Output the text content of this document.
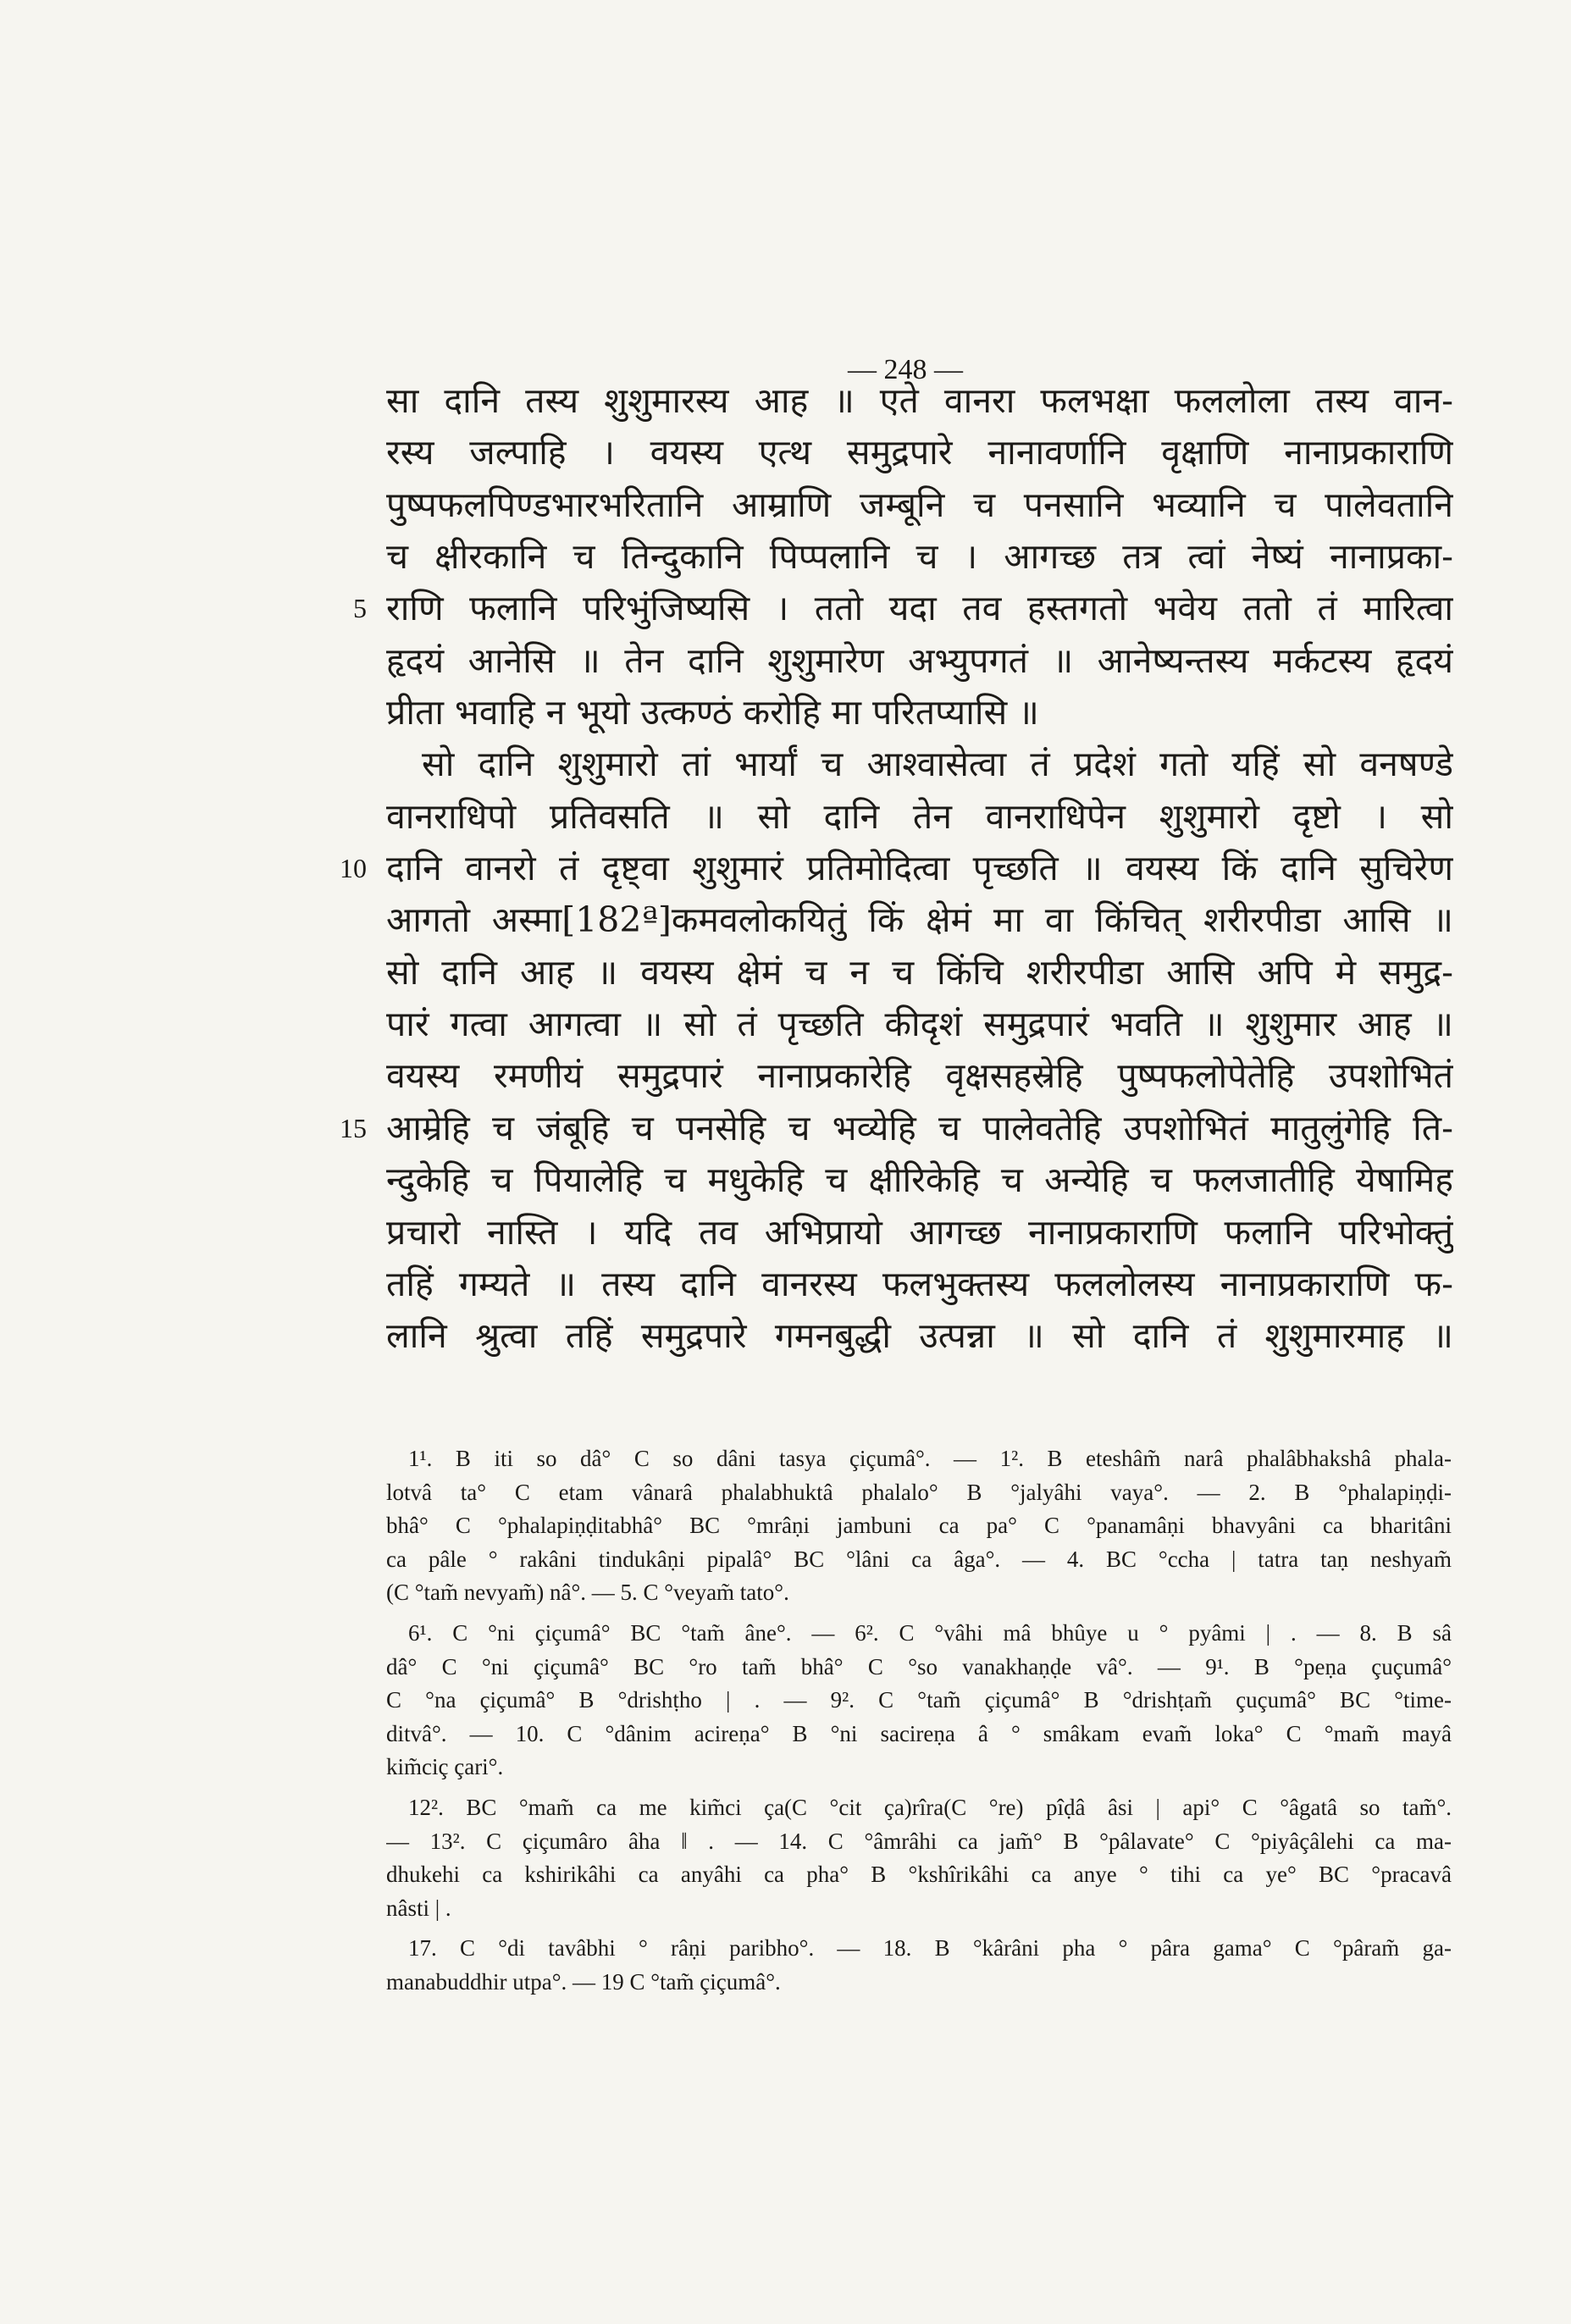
— 248 —
सा दानि तस्य शुशुमारस्य आह ॥ एते वानरा फलभक्षा फललोला तस्य वान-
रस्य जल्पाहि । वयस्य एत्थ समुद्रपारे नानावर्णानि वृक्षाणि नानाप्रकाराणि
पुष्पफलपिण्डभारभरितानि आम्राणि जम्बूनि च पनसानि भव्यानि च पालेवतानि
च क्षीरकानि च तिन्दुकानि पिप्पलानि च । आगच्छ तत्र त्वां नेष्यं नानाप्रका-
5 राणि फलानि परिभुंजिष्यसि । ततो यदा तव हस्तगतो भवेय ततो तं मारित्वा
हृदयं आनेसि ॥ तेन दानि शुशुमारेण अभ्युपगतं ॥ आनेष्यन्तस्य मर्कटस्य हृदयं
प्रीता भवाहि न भूयो उत्कण्ठं करोहि मा परितप्यासि ॥
सो दानि शुशुमारो तां भार्यां च आश्वासेत्वा तं प्रदेशं गतो यहिं सो वनषण्डे
वानराधिपो प्रतिवसति ॥ सो दानि तेन वानराधिपेन शुशुमारो दृष्टो । सो
10 दानि वानरो तं दृष्ट्वा शुशुमारं प्रतिमोदित्वा पृच्छति ॥ वयस्य किं दानि सुचिरेण
आगतो अस्मा[182ª]कमवलोकयितुं किं क्षेमं मा वा किंचित् शरीरपीडा आसि ॥
सो दानि आह ॥ वयस्य क्षेमं च न च किंचि शरीरपीडा आसि अपि मे समुद्र-
पारं गत्वा आगत्वा ॥ सो तं पृच्छति कीदृशं समुद्रपारं भवति ॥ शुशुमार आह ॥
वयस्य रमणीयं समुद्रपारं नानाप्रकारेहि वृक्षसहस्रेहि पुष्पफलोपेतेहि उपशोभितं
15 आम्रेहि च जंबूहि च पनसेहि च भव्येहि च पालेवतेहि उपशोभितं मातुलुंगेहि ति-
न्दुकेहि च पियालेहि च मधुकेहि च क्षीरिकेहि च अन्येहि च फलजातीहि येषामिह
प्रचारो नास्ति । यदि तव अभिप्रायो आगच्छ नानाप्रकाराणि फलानि परिभोक्तुं
तहिं गम्यते ॥ तस्य दानि वानरस्य फलभुक्तस्य फललोलस्य नानाप्रकाराणि फ-
लानि श्रुत्वा तहिं समुद्रपारे गमनबुद्धी उत्पन्ना ॥ सो दानि तं शुशुमारमाह ॥
1¹. B iti so dâ° C so dâni tasya çiçumâ°. — 1². B eteshâm̃ narâ phalâbhakshâ phala-
lotvâ ta° C etam vânarâ phalabhuktâ phalalo° B °jalyâhi vaya°. — 2. B °phalapiṇḍi-
bhâ° C °phalapiṇḍitabhâ° BC °mrâṇi jambuni ca pa° C °panamâṇi bhavyâni ca bharitâni
ca pâle ° rakâni tindukâṇi pipalâ° BC °lâni ca âga°. — 4. BC °ccha | tatra taṇ neshyam̃
(C °tam̃ nevyam̃) nâ°. — 5. C °veyam̃ tato°.
6¹. C °ni çiçumâ° BC °tam̃ âne°. — 6². C °vâhi mâ bhûye u ° pyâmi | . — 8. B sâ
dâ° C °ni çiçumâ° BC °ro tam̃ bhâ° C °so vanakhaṇḍe vâ°. — 9¹. B °peṇa çuçumâ°
C °na çiçumâ° B °drishṭho | . — 9². C °tam̃ çiçumâ° B °drishṭam̃ çuçumâ° BC °time-
ditvâ°. — 10. C °dânim acireṇa° B °ni sacireṇa â ° smâkam evam̃ loka° C °mam̃ mayâ
kim̃ciç çari°.
12². BC °mam̃ ca me kim̃ci ça(C °cit ça)rîra(C °re) pîḍâ âsi | api° C °âgatâ so tam̃°.
— 13². C çiçumâro âha ‖ . — 14. C °âmrâhi ca jam̃° B °pâlavate° C °piyâçâlehi ca ma-
dhukehi ca kshirikâhi ca anyâhi ca pha° B °kshîrikâhi ca anye ° tihi ca ye° BC °pracavâ
nâsti | .
17. C °di tavâbhi ° râṇi paribho°. — 18. B °kârâni pha ° pâra gama° C °pâram̃ ga-
manabuddhir utpa°. — 19 C °tam̃ çiçumâ°.
